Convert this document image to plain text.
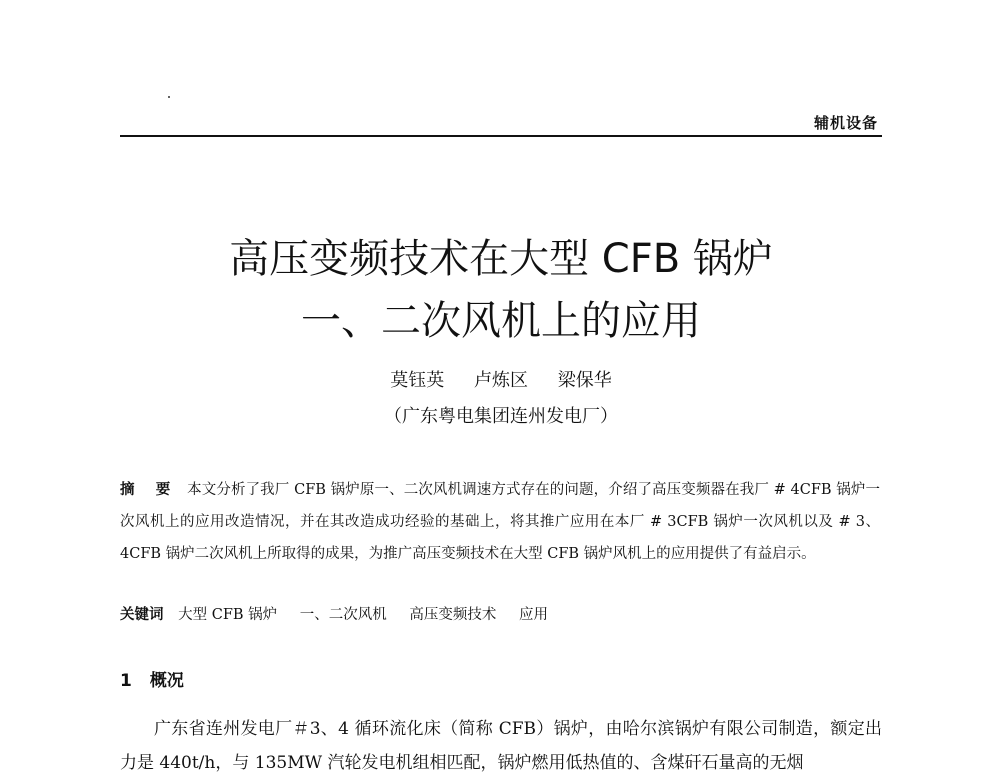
辅机设备
高压变频技术在大型 CFB 锅炉
一、二次风机上的应用
莫钰英 卢炼区 梁保华
（广东粤电集团连州发电厂）
摘 要 本文分析了我厂 CFB 锅炉原一、二次风机调速方式存在的问题，介绍了高压变频器在我厂 # 4CFB 锅炉一次风机上的应用改造情况，并在其改造成功经验的基础上，将其推广应用在本厂 # 3CFB 锅炉一次风机以及 # 3、4CFB 锅炉二次风机上所取得的成果，为推广高压变频技术在大型 CFB 锅炉风机上的应用提供了有益启示。
关键词 大型 CFB 锅炉 一、二次风机 高压变频技术 应用
1 概况
广东省连州发电厂＃3、4 循环流化床（简称 CFB）锅炉，由哈尔滨锅炉有限公司制造，额定出力是 440t/h，与 135MW 汽轮发电机组相匹配，锅炉燃用低热值的、含煤矸石量高的无烟
